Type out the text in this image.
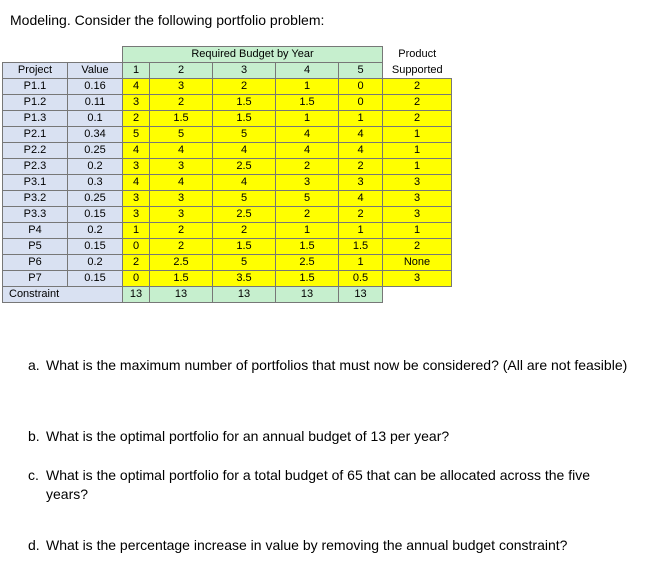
Modeling. Consider the following portfolio problem:
		Required Budget by Year					Product
Project	Value	1	2	3	4	5	Supported
P1.1	0.16	4	3	2	1	0	2
P1.2	0.11	3	2	1.5	1.5	0	2
P1.3	0.1	2	1.5	1.5	1	1	2
P2.1	0.34	5	5	5	4	4	1
P2.2	0.25	4	4	4	4	4	1
P2.3	0.2	3	3	2.5	2	2	1
P3.1	0.3	4	4	4	3	3	3
P3.2	0.25	3	3	5	5	4	3
P3.3	0.15	3	3	2.5	2	2	3
P4	0.2	1	2	2	1	1	1
P5	0.15	0	2	1.5	1.5	1.5	2
P6	0.2	2	2.5	5	2.5	1	None
P7	0.15	0	1.5	3.5	1.5	0.5	3
Constraint		13	13	13	13	13	
a. What is the maximum number of portfolios that must now be considered? (All are not feasible)
b. What is the optimal portfolio for an annual budget of 13 per year?
c. What is the optimal portfolio for a total budget of 65 that can be allocated across the five years?
d. What is the percentage increase in value by removing the annual budget constraint?
